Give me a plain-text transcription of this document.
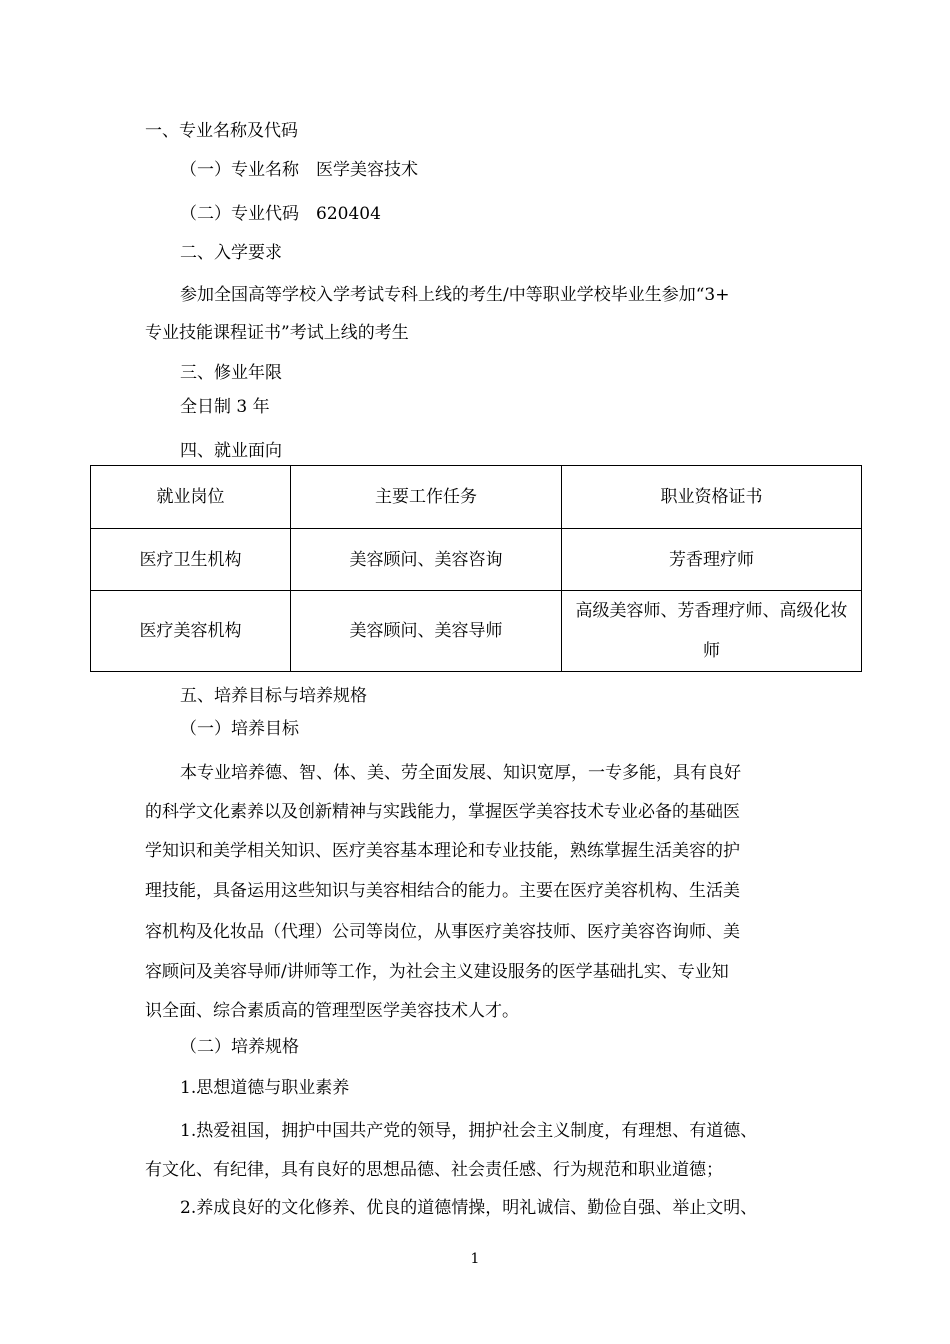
一、专业名称及代码

（一）专业名称　医学美容技术

（二）专业代码　620404

二、入学要求

参加全国高等学校入学考试专科上线的考生/中等职业学校毕业生参加“3+

专业技能课程证书”考试上线的考生

三、修业年限

全日制 3 年

四、就业面向

就业岗位	主要工作任务	职业资格证书
医疗卫生机构	美容顾问、美容咨询	芳香理疗师
医疗美容机构	美容顾问、美容导师	高级美容师、芳香理疗师、高级化妆师

五、培养目标与培养规格

（一）培养目标

本专业培养德、智、体、美、劳全面发展、知识宽厚，一专多能，具有良好

的科学文化素养以及创新精神与实践能力，掌握医学美容技术专业必备的基础医

学知识和美学相关知识、医疗美容基本理论和专业技能，熟练掌握生活美容的护

理技能，具备运用这些知识与美容相结合的能力。主要在医疗美容机构、生活美

容机构及化妆品（代理）公司等岗位，从事医疗美容技师、医疗美容咨询师、美

容顾问及美容导师/讲师等工作，为社会主义建设服务的医学基础扎实、专业知

识全面、综合素质高的管理型医学美容技术人才。

（二）培养规格

1.思想道德与职业素养

1.热爱祖国，拥护中国共产党的领导，拥护社会主义制度，有理想、有道德、

有文化、有纪律，具有良好的思想品德、社会责任感、行为规范和职业道德；

2.养成良好的文化修养、优良的道德情操，明礼诚信、勤俭自强、举止文明、

1
